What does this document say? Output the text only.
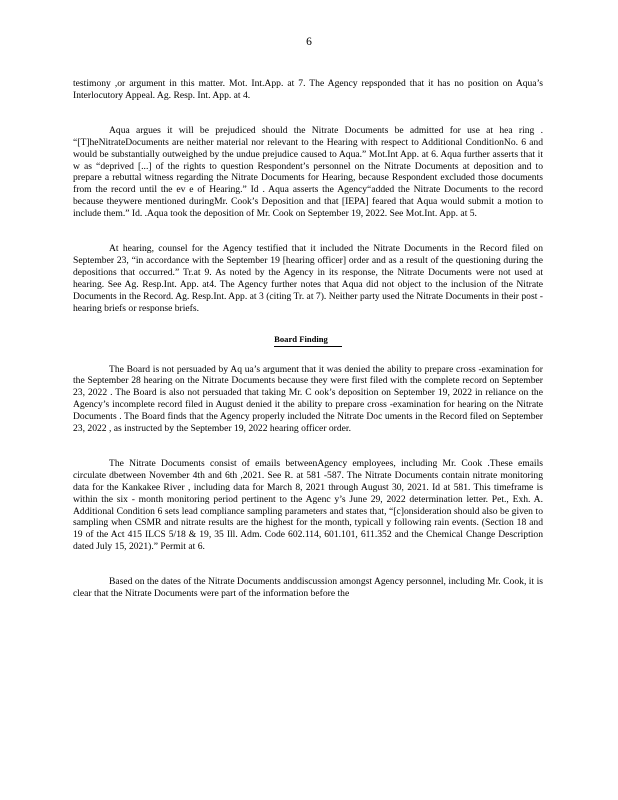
6

testimony ,or argument in this matter. Mot. Int.App. at 7. The Agency repsponded that it has no position on Aqua’s Interlocutory Appeal. Ag. Resp. Int. App. at 4.

Aqua argues it will be prejudiced should the Nitrate Documents be admitted for use at hea ring . “[T]heNitrateDocuments are neither material nor relevant to the Hearing with respect to Additional ConditionNo. 6 and would be substantially outweighed by the undue prejudice caused to Aqua.” Mot.Int App. at 6. Aqua further asserts that it w as “deprived [...] of the rights to question Respondent’s personnel on the Nitrate Documents at deposition and to prepare a rebuttal witness regarding the Nitrate Documents for Hearing, because Respondent excluded those documents from the record until the ev e of Hearing.” Id . Aqua asserts the Agency“added the Nitrate Documents to the record because theywere mentioned duringMr. Cook’s Deposition and that [IEPA] feared that Aqua would submit a motion to include them.” Id. .Aqua took the deposition of Mr. Cook on September 19, 2022. See Mot.Int. App. at 5.

At hearing, counsel for the Agency testified that it included the Nitrate Documents in the Record filed on September 23, “in accordance with the September 19 [hearing officer] order and as a result of the questioning during the depositions that occurred.” Tr.at 9. As noted by the Agency in its response, the Nitrate Documents were not used at hearing. See Ag. Resp.Int. App. at4. The Agency further notes that Aqua did not object to the inclusion of the Nitrate Documents in the Record. Ag. Resp.Int. App. at 3 (citing Tr. at 7). Neither party used the Nitrate Documents in their post -hearing briefs or response briefs.

Board Finding

The Board is not persuaded by Aq ua’s argument that it was denied the ability to prepare cross -examination for the September 28 hearing on the Nitrate Documents because they were first filed with the complete record on September 23, 2022 . The Board is also not persuaded that taking Mr. C ook’s deposition on September 19, 2022 in reliance on the Agency’s incomplete record filed in August denied it the ability to prepare cross -examination for hearing on the Nitrate Documents . The Board finds that the Agency properly included the Nitrate Doc uments in the Record filed on September 23, 2022 , as instructed by the September 19, 2022 hearing officer order.

The Nitrate Documents consist of emails betweenAgency employees, including Mr. Cook .These emails circulate dbetween November 4th and 6th ,2021. See R. at 581 -587. The Nitrate Documents contain nitrate monitoring data for the Kankakee River , including data for March 8, 2021 through August 30, 2021. Id at 581. This timeframe is within the six - month monitoring period pertinent to the Agenc y’s June 29, 2022 determination letter. Pet., Exh. A. Additional Condition 6 sets lead compliance sampling parameters and states that, “[c]onsideration should also be given to sampling when CSMR and nitrate results are the highest for the month, typicall y following rain events. (Section 18 and 19 of the Act 415 ILCS 5/18 & 19, 35 Ill. Adm. Code 602.114, 601.101, 611.352 and the Chemical Change Description dated July 15, 2021).” Permit at 6.

Based on the dates of the Nitrate Documents anddiscussion amongst Agency personnel, including Mr. Cook, it is clear that the Nitrate Documents were part of the information before the
